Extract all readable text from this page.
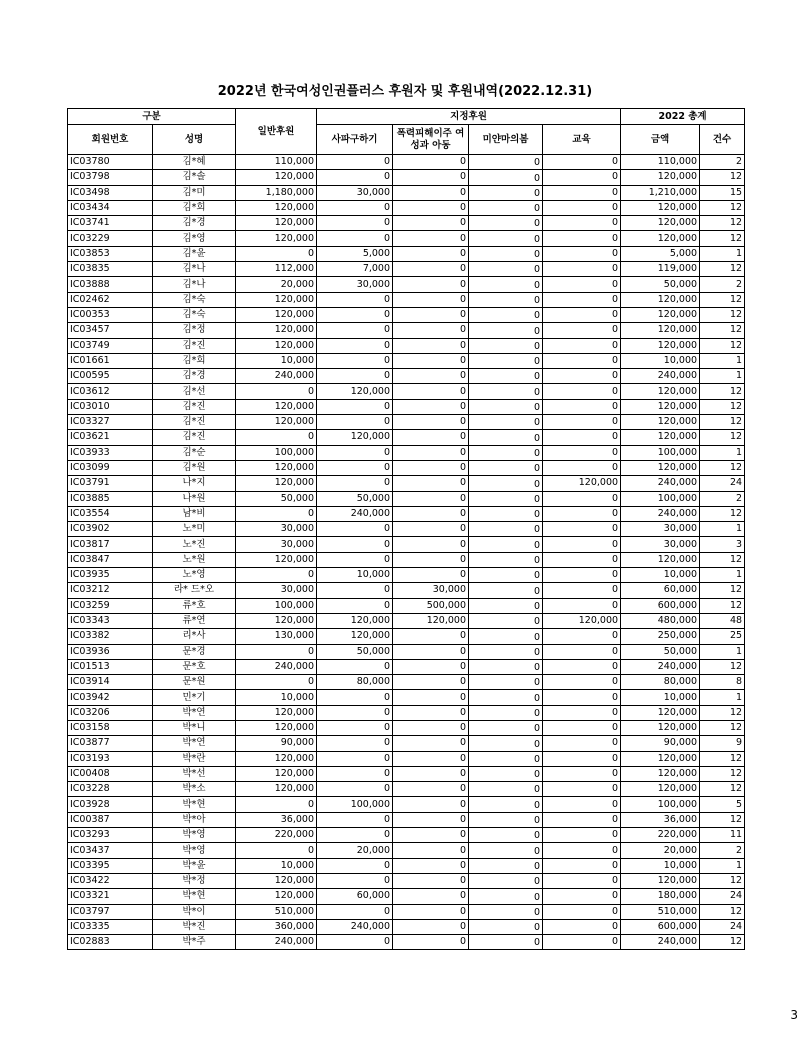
2022년 한국여성인권플러스 후원자 및 후원내역(2022.12.31)
구분		일반후원	지정후원				2022 총계	
회원번호	성명		사파구하기	폭력피해이주 여성과 아동	미얀마의봄	교육	금액	건수
IC03780	김*혜	110,000	0	0	0	0	110,000	2
IC03798	김*솔	120,000	0	0	0	0	120,000	12
IC03498	김*미	1,180,000	30,000	0	0	0	1,210,000	15
IC03434	김*희	120,000	0	0	0	0	120,000	12
IC03741	김*경	120,000	0	0	0	0	120,000	12
IC03229	김*영	120,000	0	0	0	0	120,000	12
IC03853	김*윤	0	5,000	0	0	0	5,000	1
IC03835	김*나	112,000	7,000	0	0	0	119,000	12
IC03888	김*나	20,000	30,000	0	0	0	50,000	2
IC02462	김*숙	120,000	0	0	0	0	120,000	12
IC00353	김*숙	120,000	0	0	0	0	120,000	12
IC03457	김*정	120,000	0	0	0	0	120,000	12
IC03749	김*진	120,000	0	0	0	0	120,000	12
IC01661	김*희	10,000	0	0	0	0	10,000	1
IC00595	김*경	240,000	0	0	0	0	240,000	1
IC03612	김*선	0	120,000	0	0	0	120,000	12
IC03010	김*진	120,000	0	0	0	0	120,000	12
IC03327	김*진	120,000	0	0	0	0	120,000	12
IC03621	김*진	0	120,000	0	0	0	120,000	12
IC03933	김*순	100,000	0	0	0	0	100,000	1
IC03099	김*원	120,000	0	0	0	0	120,000	12
IC03791	나*지	120,000	0	0	0	120,000	240,000	24
IC03885	나*원	50,000	50,000	0	0	0	100,000	2
IC03554	남*비	0	240,000	0	0	0	240,000	12
IC03902	노*미	30,000	0	0	0	0	30,000	1
IC03817	노*진	30,000	0	0	0	0	30,000	3
IC03847	노*원	120,000	0	0	0	0	120,000	12
IC03935	노*영	0	10,000	0	0	0	10,000	1
IC03212	라* 드*오	30,000	0	30,000	0	0	60,000	12
IC03259	류*호	100,000	0	500,000	0	0	600,000	12
IC03343	류*연	120,000	120,000	120,000	0	120,000	480,000	48
IC03382	리*사	130,000	120,000	0	0	0	250,000	25
IC03936	문*경	0	50,000	0	0	0	50,000	1
IC01513	문*호	240,000	0	0	0	0	240,000	12
IC03914	문*원	0	80,000	0	0	0	80,000	8
IC03942	민*기	10,000	0	0	0	0	10,000	1
IC03206	박*연	120,000	0	0	0	0	120,000	12
IC03158	박*니	120,000	0	0	0	0	120,000	12
IC03877	박*연	90,000	0	0	0	0	90,000	9
IC03193	박*란	120,000	0	0	0	0	120,000	12
IC00408	박*선	120,000	0	0	0	0	120,000	12
IC03228	박*소	120,000	0	0	0	0	120,000	12
IC03928	박*현	0	100,000	0	0	0	100,000	5
IC00387	박*아	36,000	0	0	0	0	36,000	12
IC03293	박*영	220,000	0	0	0	0	220,000	11
IC03437	박*영	0	20,000	0	0	0	20,000	2
IC03395	박*윤	10,000	0	0	0	0	10,000	1
IC03422	박*정	120,000	0	0	0	0	120,000	12
IC03321	박*현	120,000	60,000	0	0	0	180,000	24
IC03797	박*이	510,000	0	0	0	0	510,000	12
IC03335	박*진	360,000	240,000	0	0	0	600,000	24
IC02883	박*주	240,000	0	0	0	0	240,000	12
3
